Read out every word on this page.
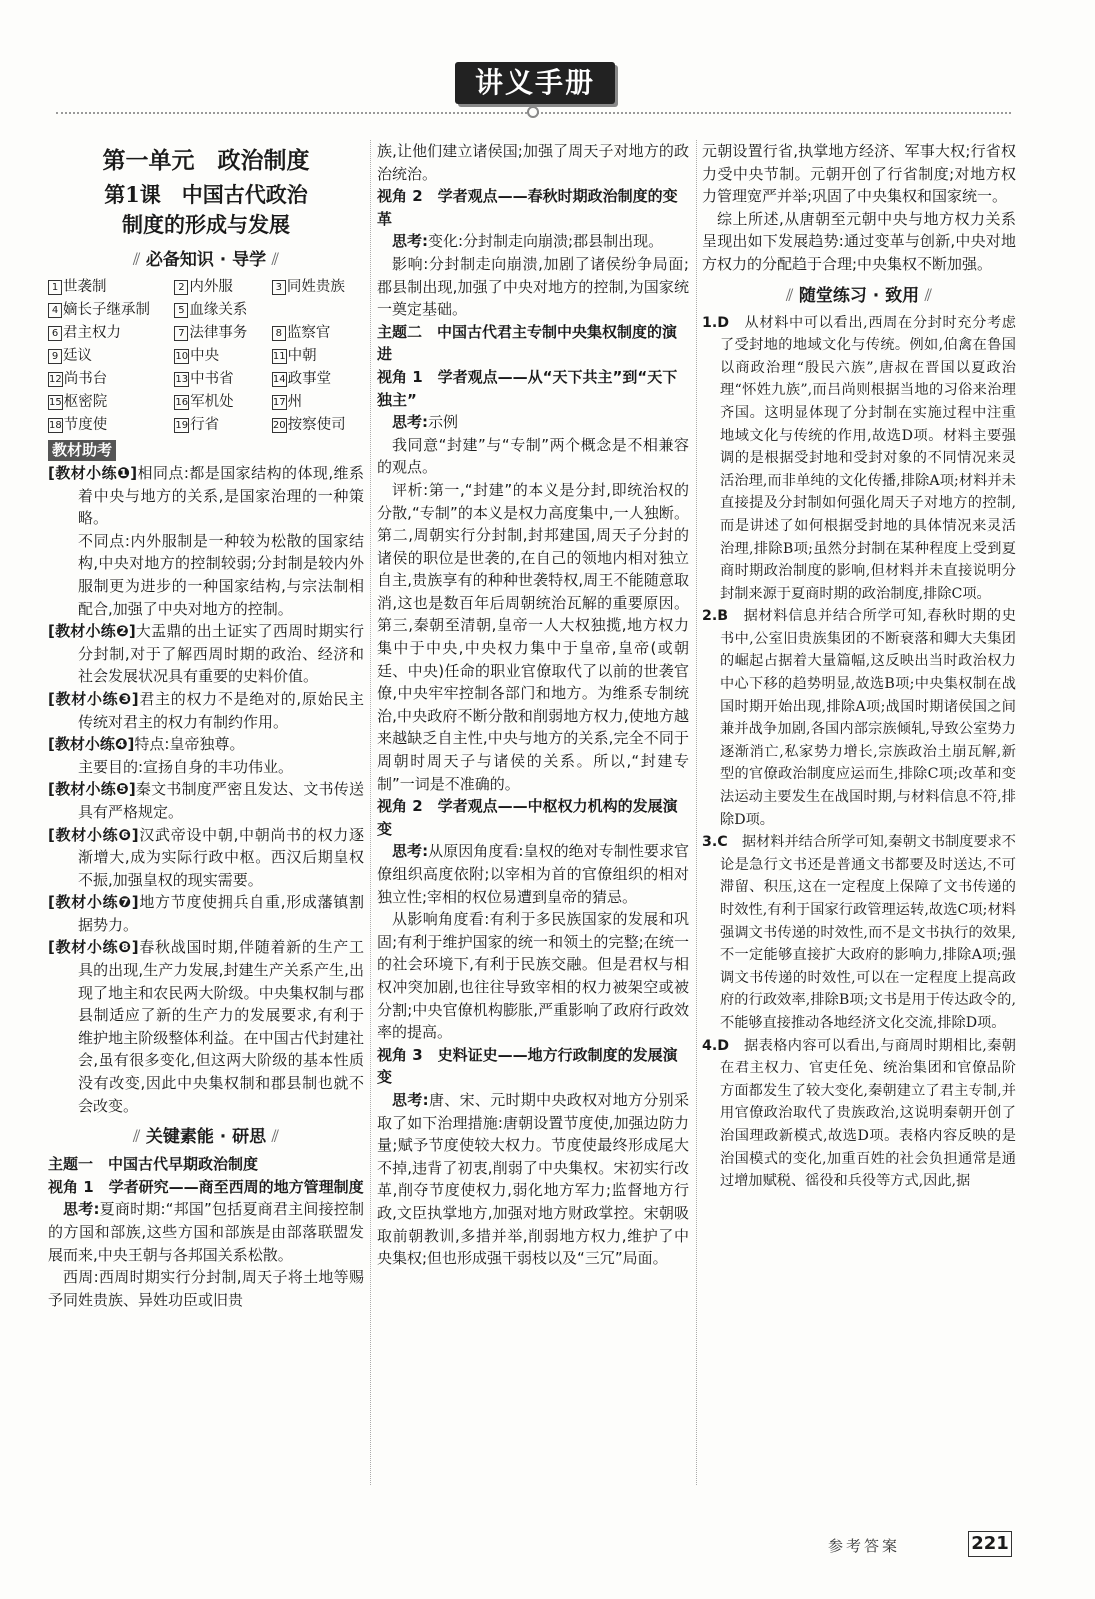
讲义手册
第一单元　政治制度
第1课　中国古代政治
制度的形成与发展
⫽ 必备知识 · 导学 ⫽
1 世袭制	2 内外服	3 同姓贵族
4 嫡长子继承制	5 血缘关系
6 君主权力	7 法律事务	8 监察官
9 廷议	10 中央	11 中朝
12 尚书台	13 中书省	14 政事堂
15 枢密院	16 军机处	17 州
18 节度使	19 行省	20 按察使司
教材助考
[教材小练❶]相同点:都是国家结构的体现,维系着中央与地方的关系,是国家治理的一种策略。
不同点:内外服制是一种较为松散的国家结构,中央对地方的控制较弱;分封制是较内外服制更为进步的一种国家结构,与宗法制相配合,加强了中央对地方的控制。
[教材小练❷]大盂鼎的出土证实了西周时期实行分封制,对于了解西周时期的政治、经济和社会发展状况具有重要的史料价值。
[教材小练❸]君主的权力不是绝对的,原始民主传统对君主的权力有制约作用。
[教材小练❹]特点:皇帝独尊。
主要目的:宣扬自身的丰功伟业。
[教材小练❺]秦文书制度严密且发达、文书传送具有严格规定。
[教材小练❻]汉武帝设中朝,中朝尚书的权力逐渐增大,成为实际行政中枢。西汉后期皇权不振,加强皇权的现实需要。
[教材小练❼]地方节度使拥兵自重,形成藩镇割据势力。
[教材小练❽]春秋战国时期,伴随着新的生产工具的出现,生产力发展,封建生产关系产生,出现了地主和农民两大阶级。中央集权制与郡县制适应了新的生产力的发展要求,有利于维护地主阶级整体利益。在中国古代封建社会,虽有很多变化,但这两大阶级的基本性质没有改变,因此中央集权制和郡县制也就不会改变。
⫽ 关键素能 · 研思 ⫽
主题一　中国古代早期政治制度
视角 1　学者研究——商至西周的地方管理制度
思考:夏商时期:“邦国”包括夏商君主间接控制的方国和部族,这些方国和部族是由部落联盟发展而来,中央王朝与各邦国关系松散。
西周:西周时期实行分封制,周天子将土地等赐予同姓贵族、异姓功臣或旧贵
族,让他们建立诸侯国;加强了周天子对地方的政治统治。
视角 2　学者观点——春秋时期政治制度的变革
思考:变化:分封制走向崩溃;郡县制出现。
影响:分封制走向崩溃,加剧了诸侯纷争局面;郡县制出现,加强了中央对地方的控制,为国家统一奠定基础。
主题二　中国古代君主专制中央集权制度的演进
视角 1　学者观点——从“天下共主”到“天下独主”
思考:示例
我同意“封建”与“专制”两个概念是不相兼容的观点。
评析:第一,“封建”的本义是分封,即统治权的分散,“专制”的本义是权力高度集中,一人独断。第二,周朝实行分封制,封邦建国,周天子分封的诸侯的职位是世袭的,在自己的领地内相对独立自主,贵族享有的种种世袭特权,周王不能随意取消,这也是数百年后周朝统治瓦解的重要原因。第三,秦朝至清朝,皇帝一人大权独揽,地方权力集中于中央,中央权力集中于皇帝,皇帝(或朝廷、中央)任命的职业官僚取代了以前的世袭官僚,中央牢牢控制各部门和地方。为维系专制统治,中央政府不断分散和削弱地方权力,使地方越来越缺乏自主性,中央与地方的关系,完全不同于周朝时周天子与诸侯的关系。所以,“封建专制”一词是不准确的。
视角 2　学者观点——中枢权力机构的发展演变
思考:从原因角度看:皇权的绝对专制性要求官僚组织高度依附;以宰相为首的官僚组织的相对独立性;宰相的权位易遭到皇帝的猜忌。
从影响角度看:有利于多民族国家的发展和巩固;有利于维护国家的统一和领土的完整;在统一的社会环境下,有利于民族交融。但是君权与相权冲突加剧,也往往导致宰相的权力被架空或被分割;中央官僚机构膨胀,严重影响了政府行政效率的提高。
视角 3　史料证史——地方行政制度的发展演变
思考:唐、宋、元时期中央政权对地方分别采取了如下治理措施:唐朝设置节度使,加强边防力量;赋予节度使较大权力。节度使最终形成尾大不掉,违背了初衷,削弱了中央集权。宋初实行改革,削夺节度使权力,弱化地方军力;监督地方行政,文臣执掌地方,加强对地方财政掌控。宋朝吸取前朝教训,多措并举,削弱地方权力,维护了中央集权;但也形成强干弱枝以及“三冗”局面。
元朝设置行省,执掌地方经济、军事大权;行省权力受中央节制。元朝开创了行省制度;对地方权力管理宽严并举;巩固了中央集权和国家统一。
综上所述,从唐朝至元朝中央与地方权力关系呈现出如下发展趋势:通过变革与创新,中央对地方权力的分配趋于合理;中央集权不断加强。
⫽ 随堂练习 · 致用 ⫽
1.D　 从材料中可以看出,西周在分封时充分考虑了受封地的地域文化与传统。例如,伯禽在鲁国以商政治理“殷民六族”,唐叔在晋国以夏政治理“怀姓九族”,而吕尚则根据当地的习俗来治理齐国。这明显体现了分封制在实施过程中注重地域文化与传统的作用,故选D项。材料主要强调的是根据受封地和受封对象的不同情况来灵活治理,而非单纯的文化传播,排除A项;材料并未直接提及分封制如何强化周天子对地方的控制,而是讲述了如何根据受封地的具体情况来灵活治理,排除B项;虽然分封制在某种程度上受到夏商时期政治制度的影响,但材料并未直接说明分封制来源于夏商时期的政治制度,排除C项。
2.B　 据材料信息并结合所学可知,春秋时期的史书中,公室旧贵族集团的不断衰落和卿大夫集团的崛起占据着大量篇幅,这反映出当时政治权力中心下移的趋势明显,故选B项;中央集权制在战国时期开始出现,排除A项;战国时期诸侯国之间兼并战争加剧,各国内部宗族倾轧,导致公室势力逐渐消亡,私家势力增长,宗族政治土崩瓦解,新型的官僚政治制度应运而生,排除C项;改革和变法运动主要发生在战国时期,与材料信息不符,排除D项。
3.C　 据材料并结合所学可知,秦朝文书制度要求不论是急行文书还是普通文书都要及时送达,不可滞留、积压,这在一定程度上保障了文书传递的时效性,有利于国家行政管理运转,故选C项;材料强调文书传递的时效性,而不是文书执行的效果,不一定能够直接扩大政府的影响力,排除A项;强调文书传递的时效性,可以在一定程度上提高政府的行政效率,排除B项;文书是用于传达政令的,不能够直接推动各地经济文化交流,排除D项。
4.D　 据表格内容可以看出,与商周时期相比,秦朝在君主权力、官吏任免、统治集团和官僚品阶方面都发生了较大变化,秦朝建立了君主专制,并用官僚政治取代了贵族政治,这说明秦朝开创了治国理政新模式,故选D项。表格内容反映的是治国模式的变化,加重百姓的社会负担通常是通过增加赋税、徭役和兵役等方式,因此,据
参考答案	221
